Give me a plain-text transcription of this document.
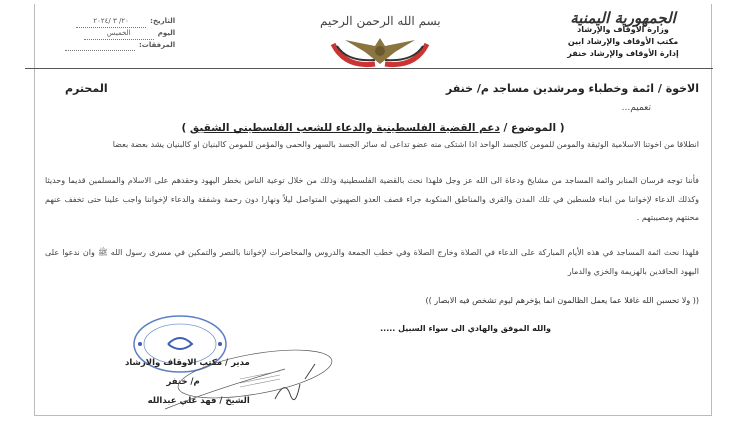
الجمهورية اليمنية
وزارة الأوقاف والإرشاد
مكتب الأوقاف والإرشاد ابين
إدارة الأوقاف والإرشاد خنفر
بسم الله الرحمن الرحيم
التاريخ:
٢٠/ ٣ /٢٠٢٤
اليوم
الخميس
المرفقات:
الاخوة / ائمة وخطباء ومرشدين مساجد م/ خنفر
المحترم
تعميم...
( الموضوع / دعم القضية الفلسطينية والدعاء للشعب الفلسطيني الشقيق )

انطلاقا من اخوتنا الاسلامية الوثيقة والمومن للمومن كالجسد الواحد اذا اشتكى منه عضو تداعى له سائر الجسد بالسهر والحمى والمؤمن للمومن كالبنيان او كالبنيان يشد بعضة بعضا

فأننا توجه فرسان المنابر وائمة المساجد من مشايخ ودعاة الى الله عز وجل فلهذا نحث بالقضية الفلسطينية وذلك من خلال توعية الناس بخطر اليهود وحقدهم على الاسلام والمسلمين قديما وحديثا وكذلك الدعاء لإخواننا من ابناء فلسطين في تلك المدن والقرى والمناطق المنكوبة جراء قصف العدو الصهيوني المتواصل ليلاً ونهارا دون رحمة وشفقة والدعاء لإخواننا واجب علينا حتى تخفف عنهم محنتهم ومصيبتهم .

فلهذا نحث ائمة المساجد في هذه الأيام المباركة على الدعاء في الصلاة وخارج الصلاة وفي خطب الجمعة والدروس والمحاضرات لإخواننا بالنصر والتمكين في مسرى رسول الله ﷺ وان ندعوا على اليهود الحاقدين بالهزيمة والخزي والدمار

(( ولا تحسبن الله غافلا عما يعمل الظالمون انما يؤخرهم ليوم تشخص فيه الابصار ))
والله الموفق والهادي الى سواء السبيل .....
مدير / مكتب الاوقاف والارشاد
م/ خنفر
الشيخ / فهد علي عبدالله
